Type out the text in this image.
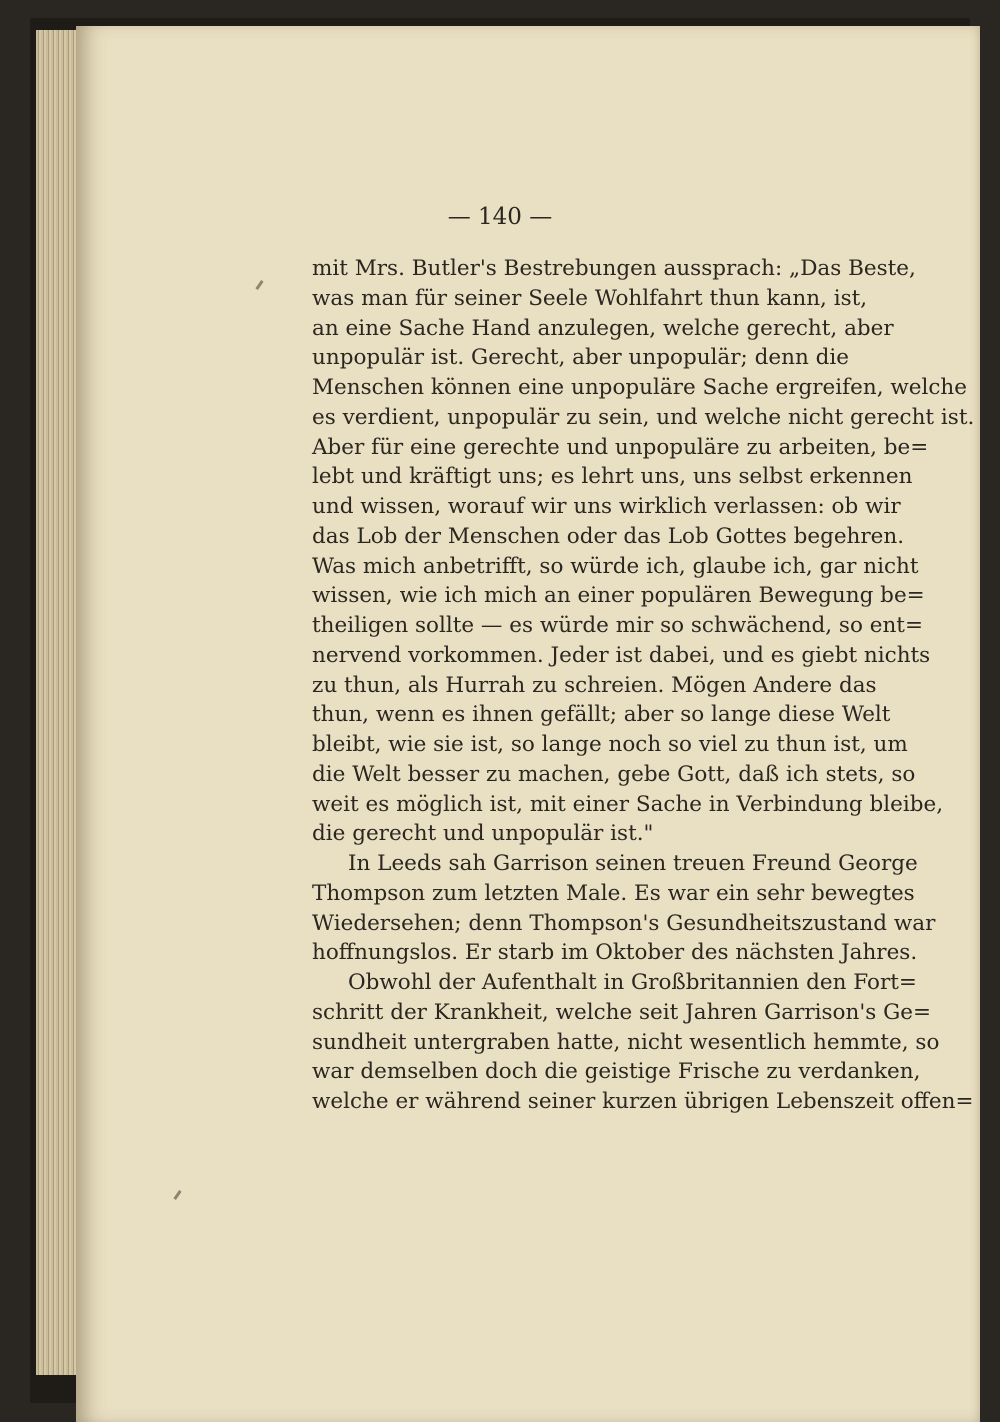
— 140 —
mit Mrs. Butler's Bestrebungen aussprach: „Das Beste,
was man für seiner Seele Wohlfahrt thun kann, ist,
an eine Sache Hand anzulegen, welche gerecht, aber
unpopulär ist. Gerecht, aber unpopulär; denn die
Menschen können eine unpopuläre Sache ergreifen, welche
es verdient, unpopulär zu sein, und welche nicht gerecht ist.
Aber für eine gerechte und unpopuläre zu arbeiten, be=
lebt und kräftigt uns; es lehrt uns, uns selbst erkennen
und wissen, worauf wir uns wirklich verlassen: ob wir
das Lob der Menschen oder das Lob Gottes begehren.
Was mich anbetrifft, so würde ich, glaube ich, gar nicht
wissen, wie ich mich an einer populären Bewegung be=
theiligen sollte — es würde mir so schwächend, so ent=
nervend vorkommen. Jeder ist dabei, und es giebt nichts
zu thun, als Hurrah zu schreien. Mögen Andere das
thun, wenn es ihnen gefällt; aber so lange diese Welt
bleibt, wie sie ist, so lange noch so viel zu thun ist, um
die Welt besser zu machen, gebe Gott, daß ich stets, so
weit es möglich ist, mit einer Sache in Verbindung bleibe,
die gerecht und unpopulär ist."
In Leeds sah Garrison seinen treuen Freund George
Thompson zum letzten Male. Es war ein sehr bewegtes
Wiedersehen; denn Thompson's Gesundheitszustand war
hoffnungslos. Er starb im Oktober des nächsten Jahres.
Obwohl der Aufenthalt in Großbritannien den Fort=
schritt der Krankheit, welche seit Jahren Garrison's Ge=
sundheit untergraben hatte, nicht wesentlich hemmte, so
war demselben doch die geistige Frische zu verdanken,
welche er während seiner kurzen übrigen Lebenszeit offen=
